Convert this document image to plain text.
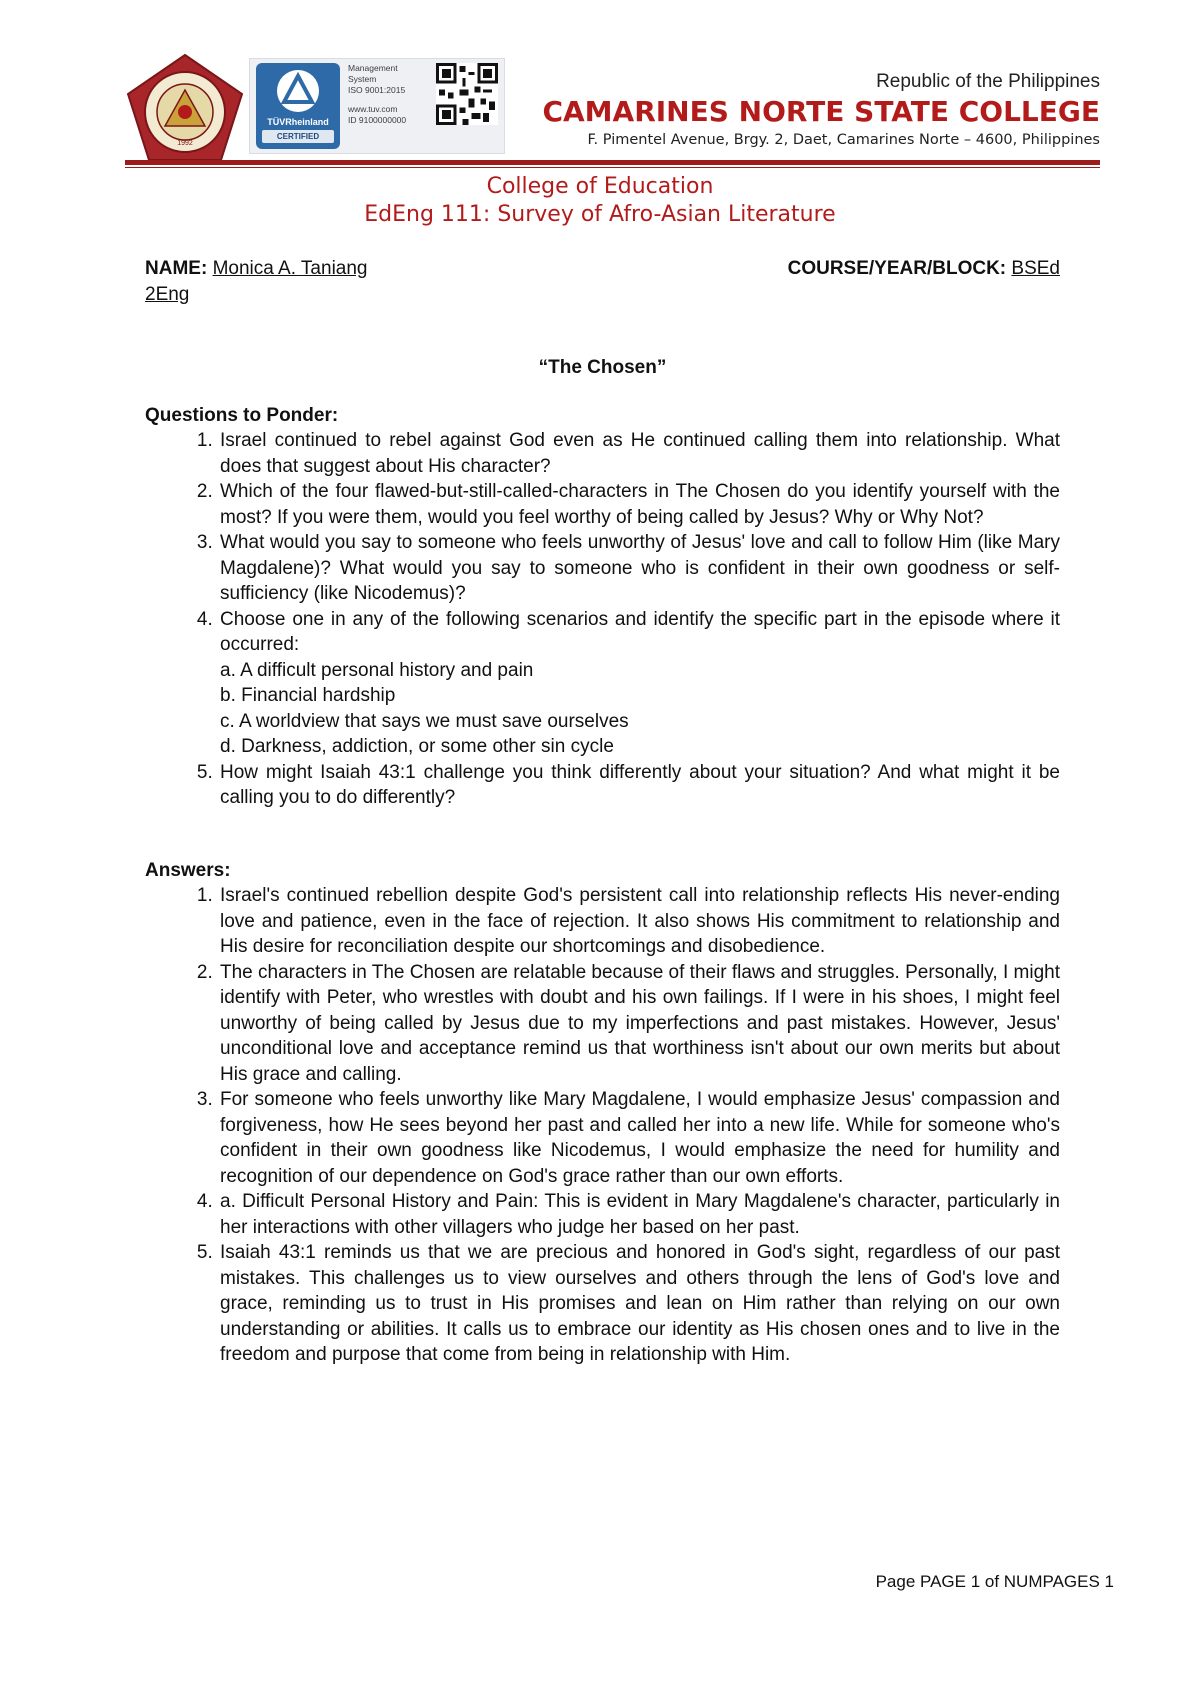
1992
TÜVRheinland
CERTIFIED
Management
System
ISO 9001:2015
www.tuv.com
ID 9100000000
Republic of the Philippines
CAMARINES NORTE STATE COLLEGE
F. Pimentel Avenue, Brgy. 2, Daet, Camarines Norte – 4600, Philippines
College of Education
EdEng 111: Survey of Afro-Asian Literature
NAME: Monica A. Taniang	COURSE/YEAR/BLOCK: BSEd
2Eng
“The Chosen”
Questions to Ponder:
1. Israel continued to rebel against God even as He continued calling them into relationship. What does that suggest about His character?
2. Which of the four flawed-but-still-called-characters in The Chosen do you identify yourself with the most? If you were them, would you feel worthy of being called by Jesus? Why or Why Not?
3. What would you say to someone who feels unworthy of Jesus' love and call to follow Him (like Mary Magdalene)? What would you say to someone who is confident in their own goodness or self-sufficiency (like Nicodemus)?
4. Choose one in any of the following scenarios and identify the specific part in the episode where it occurred:
a. A difficult personal history and pain
b. Financial hardship
c. A worldview that says we must save ourselves
d. Darkness, addiction, or some other sin cycle
5. How might Isaiah 43:1 challenge you think differently about your situation? And what might it be calling you to do differently?
Answers:
1. Israel's continued rebellion despite God's persistent call into relationship reflects His never-ending love and patience, even in the face of rejection. It also shows His commitment to relationship and His desire for reconciliation despite our shortcomings and disobedience.
2. The characters in The Chosen are relatable because of their flaws and struggles. Personally, I might identify with Peter, who wrestles with doubt and his own failings. If I were in his shoes, I might feel unworthy of being called by Jesus due to my imperfections and past mistakes. However, Jesus' unconditional love and acceptance remind us that worthiness isn't about our own merits but about His grace and calling.
3. For someone who feels unworthy like Mary Magdalene, I would emphasize Jesus' compassion and forgiveness, how He sees beyond her past and called her into a new life. While for someone who's confident in their own goodness like Nicodemus, I would emphasize the need for humility and recognition of our dependence on God's grace rather than our own efforts.
4. a. Difficult Personal History and Pain: This is evident in Mary Magdalene's character, particularly in her interactions with other villagers who judge her based on her past.
5. Isaiah 43:1 reminds us that we are precious and honored in God's sight, regardless of our past mistakes. This challenges us to view ourselves and others through the lens of God's love and grace, reminding us to trust in His promises and lean on Him rather than relying on our own understanding or abilities. It calls us to embrace our identity as His chosen ones and to live in the freedom and purpose that come from being in relationship with Him.
Page PAGE 1 of NUMPAGES 1
